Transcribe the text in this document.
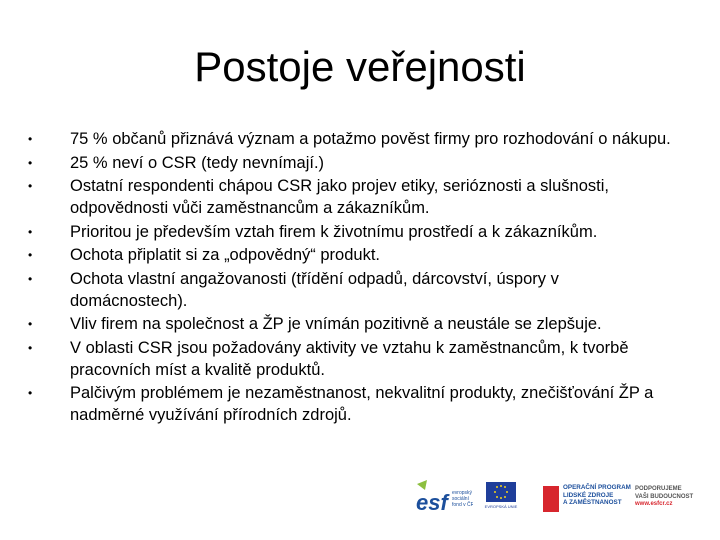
Postoje veřejnosti
• 75 % občanů přiznává význam a potažmo pověst firmy pro rozhodování o nákupu.
• 25 % neví o CSR (tedy nevnímají.)
• Ostatní respondenti chápou CSR jako projev etiky, serióznosti a slušnosti, odpovědnosti vůči zaměstnancům a zákazníkům.
• Prioritou je především vztah firem k životnímu prostředí a k zákazníkům.
• Ochota připlatit si za „odpovědný“ produkt.
• Ochota vlastní angažovanosti (třídění odpadů, dárcovství, úspory v domácnostech).
• Vliv firem na společnost a ŽP je vnímán pozitivně a neustále se zlepšuje.
• V oblasti CSR jsou požadovány aktivity ve vztahu k zaměstnancům, k tvorbě pracovních míst a kvalitě produktů.
• Palčivým problémem je nezaměstnanost, nekvalitní produkty, znečišťování ŽP a nadměrné využívání přírodních zdrojů.
esf evropský
sociální
fond v ČR	EVROPSKÁ UNIE
OPERAČNÍ PROGRAM
LIDSKÉ ZDROJE
A ZAMĚSTNANOST
PODPORUJEME
VAŠI BUDOUCNOST
www.esfcr.cz
